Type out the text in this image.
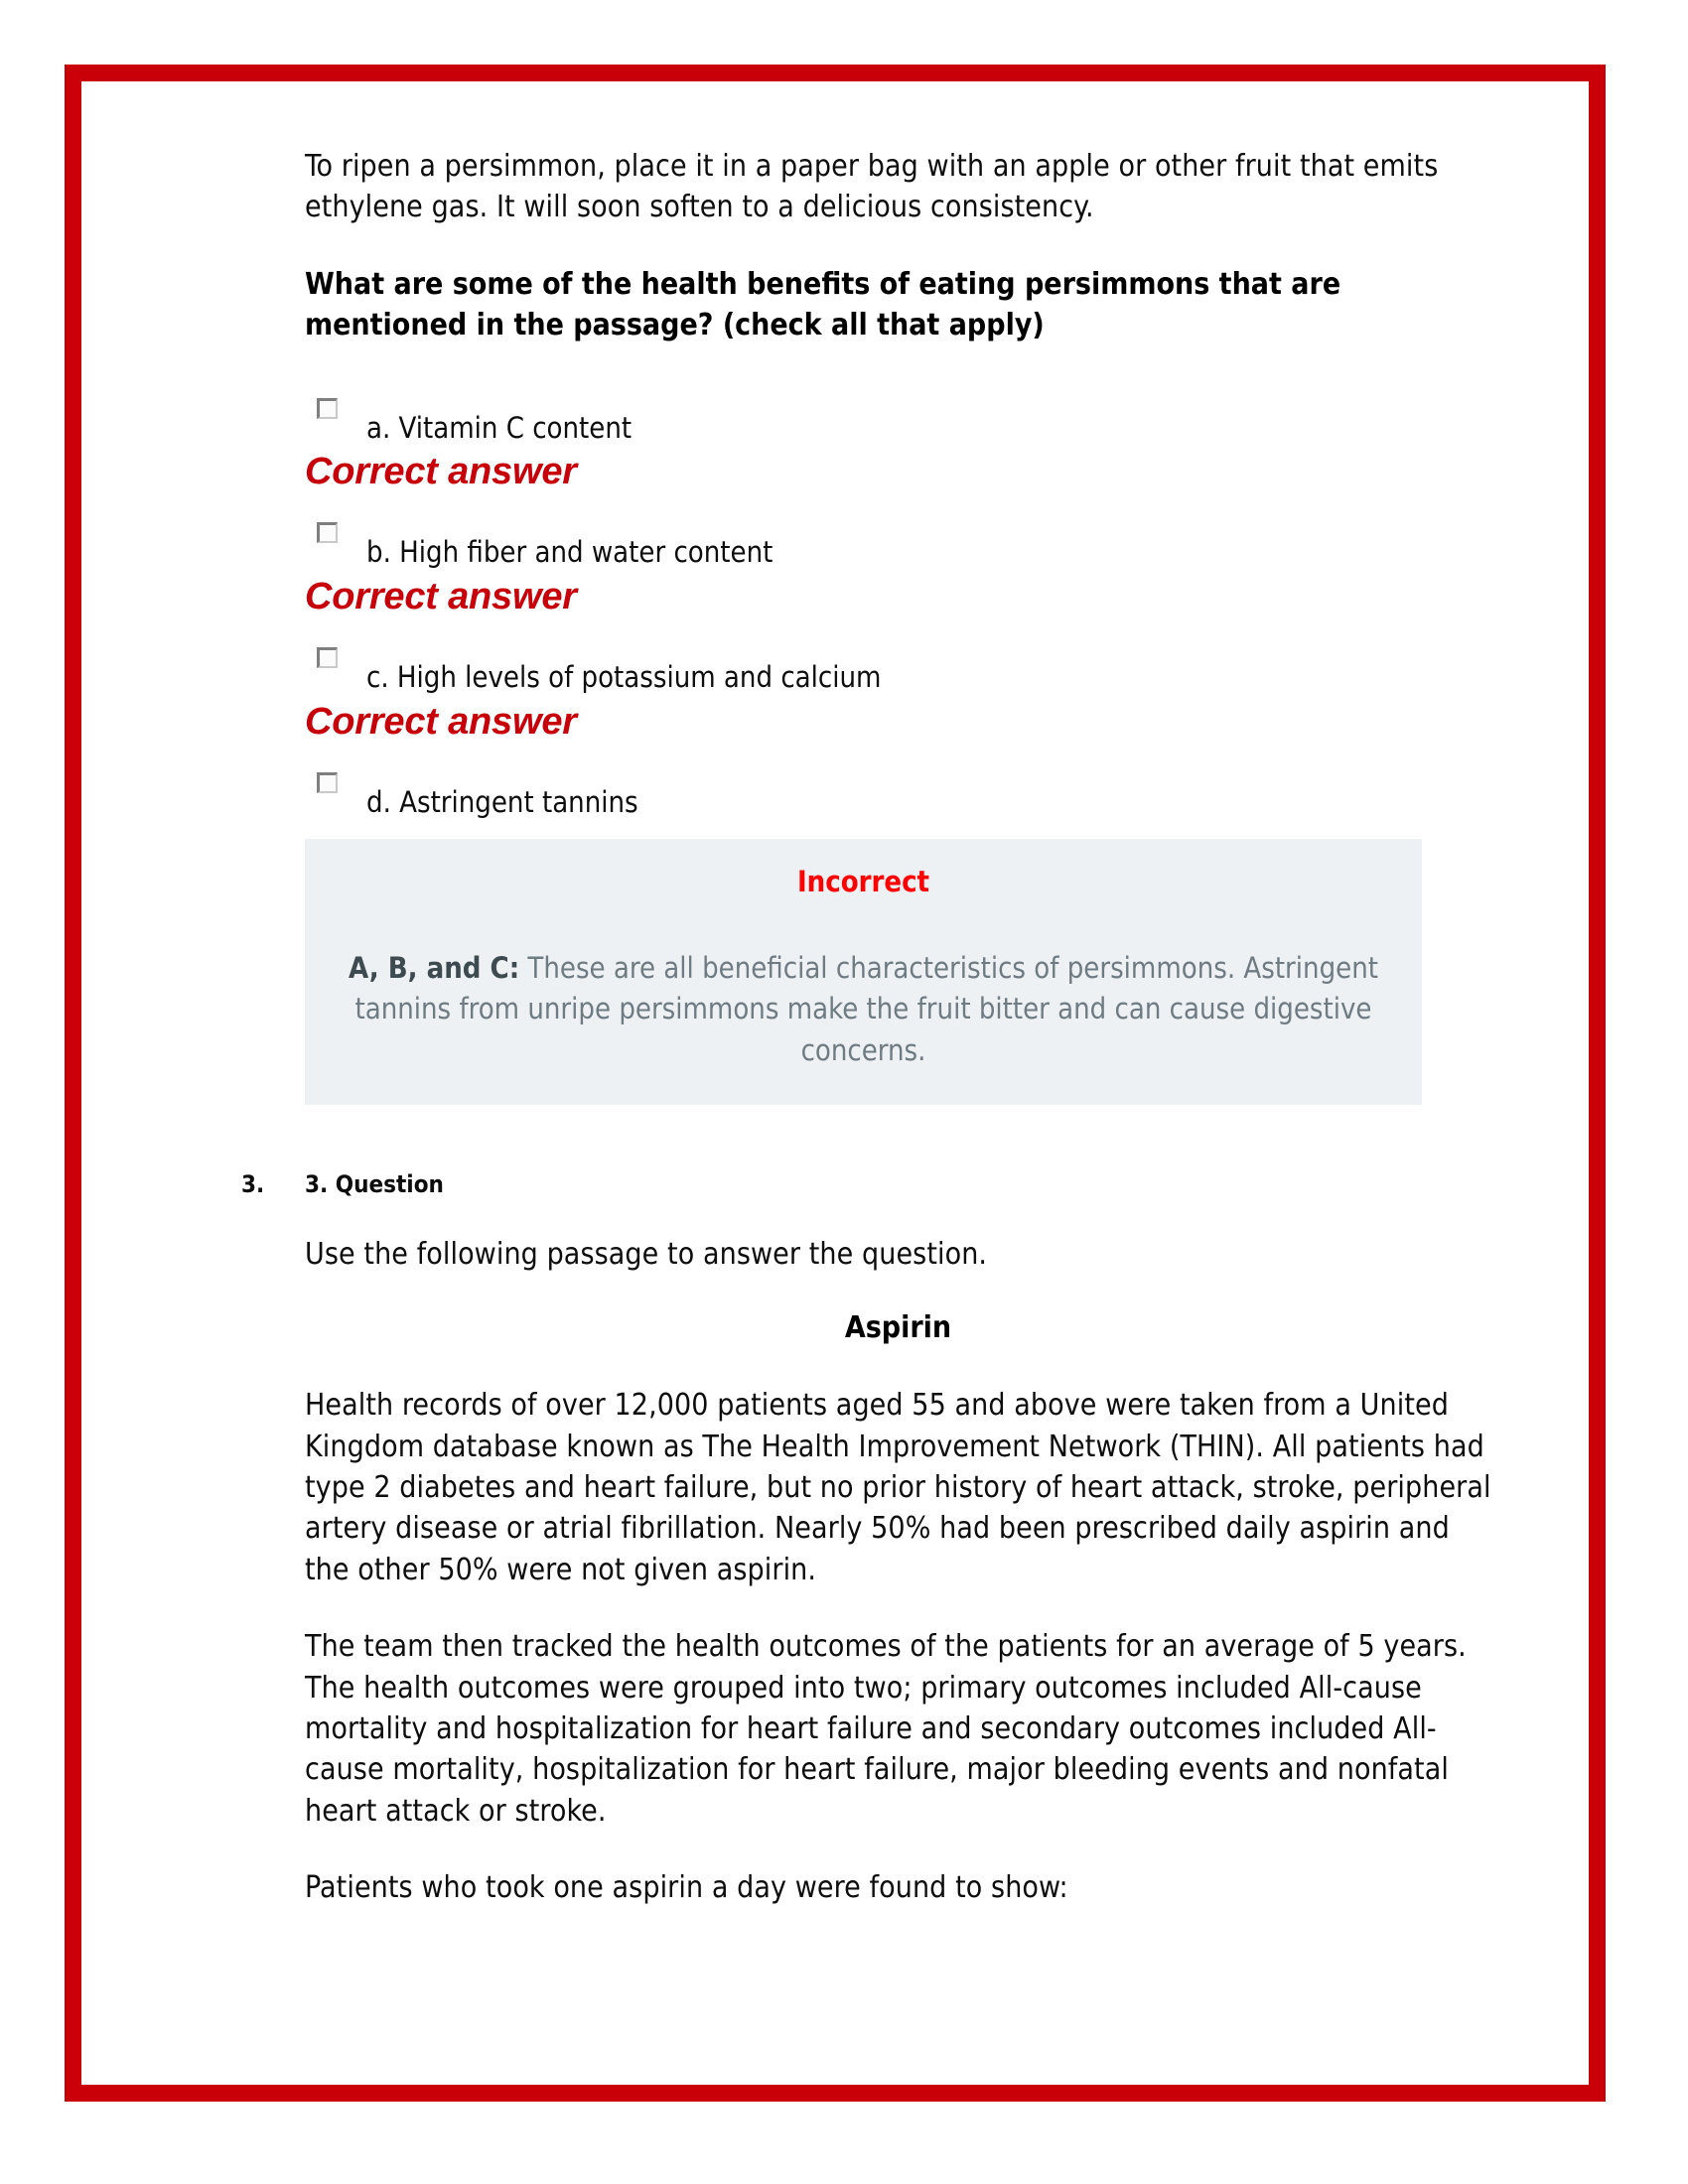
To ripen a persimmon, place it in a paper bag with an apple or other fruit that emits ethylene gas. It will soon soften to a delicious consistency.

What are some of the health benefits of eating persimmons that are mentioned in the passage? (check all that apply)

a. Vitamin C content
Correct answer
b. High fiber and water content
Correct answer
c. High levels of potassium and calcium
Correct answer
d. Astringent tannins
Incorrect

A, B, and C: These are all beneficial characteristics of persimmons. Astringent tannins from unripe persimmons make the fruit bitter and can cause digestive concerns.

3. 3. Question

Use the following passage to answer the question.

Aspirin

Health records of over 12,000 patients aged 55 and above were taken from a United Kingdom database known as The Health Improvement Network (THIN). All patients had type 2 diabetes and heart failure, but no prior history of heart attack, stroke, peripheral artery disease or atrial fibrillation. Nearly 50% had been prescribed daily aspirin and the other 50% were not given aspirin.

The team then tracked the health outcomes of the patients for an average of 5 years. The health outcomes were grouped into two; primary outcomes included All-cause mortality and hospitalization for heart failure and secondary outcomes included All-cause mortality, hospitalization for heart failure, major bleeding events and nonfatal heart attack or stroke.

Patients who took one aspirin a day were found to show:
